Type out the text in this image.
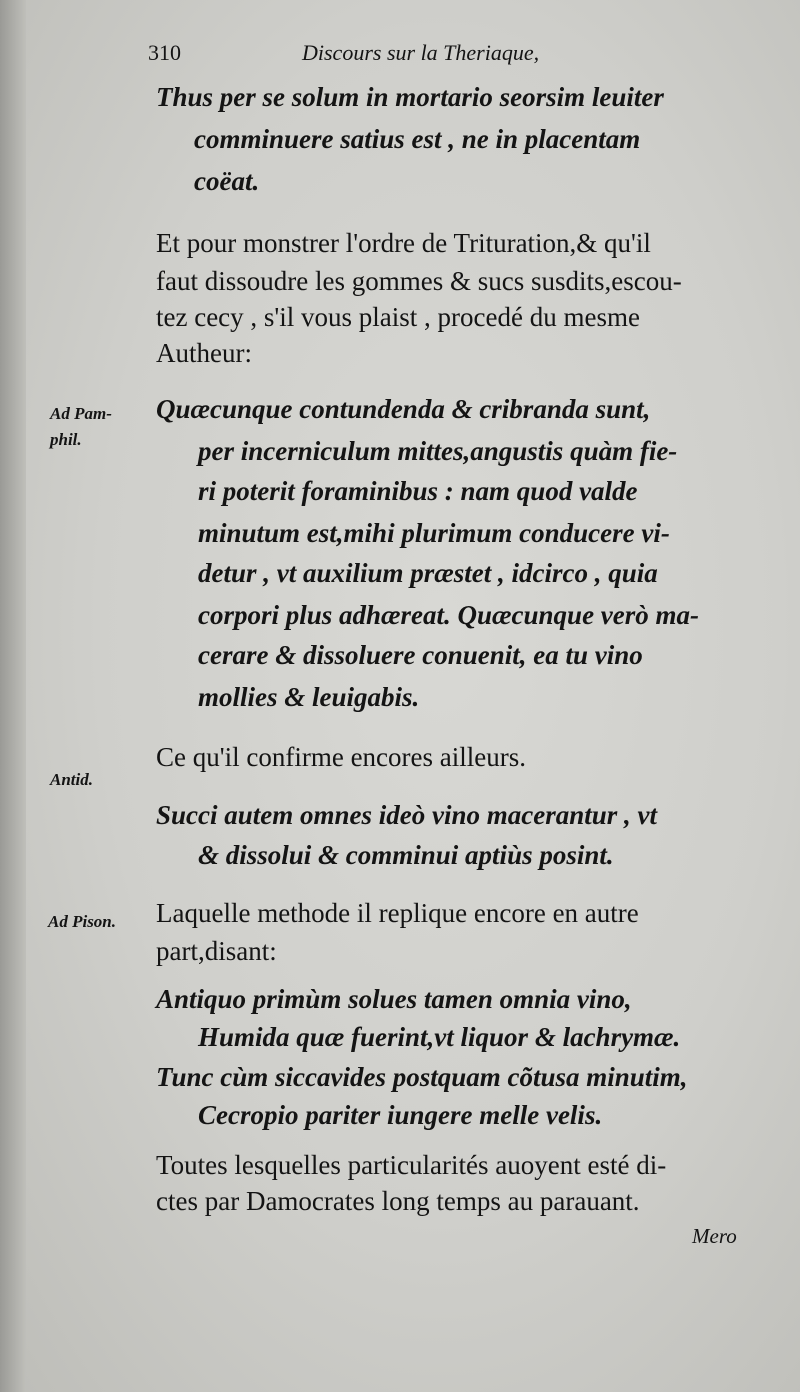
310	Discours sur la Theriaque,
Thus per se solum in mortario seorsim leuiter
comminuere satius est , ne in placentam
coëat.
Et pour monstrer l'ordre de Trituration,& qu'il
faut dissoudre les gommes & sucs susdits,escou-
tez cecy , s'il vous plaist , procedé du mesme
Autheur:
Quæcunque contundenda & cribranda sunt,
per incerniculum mittes,angustis quàm fie-
ri poterit foraminibus : nam quod valde
minutum est,mihi plurimum conducere vi-
detur , vt auxilium præstet , idcirco , quia
corpori plus adhæreat. Quæcunque verò ma-
cerare & dissoluere conuenit, ea tu vino
mollies & leuigabis.
Ce qu'il confirme encores ailleurs.
Succi autem omnes ideò vino macerantur , vt
& dissolui & comminui aptiùs posint.
Laquelle methode il replique encore en autre
part,disant:
Antiquo primùm solues tamen omnia vino,
Humida quæ fuerint,vt liquor & lachrymæ.
Tunc cùm siccavides postquam cõtusa minutim,
Cecropio pariter iungere melle velis.
Toutes lesquelles particularités auoyent esté di-
ctes par Damocrates long temps au parauant.
Ad Pam-
phil.
Antid.
Ad Pison.
Mero
